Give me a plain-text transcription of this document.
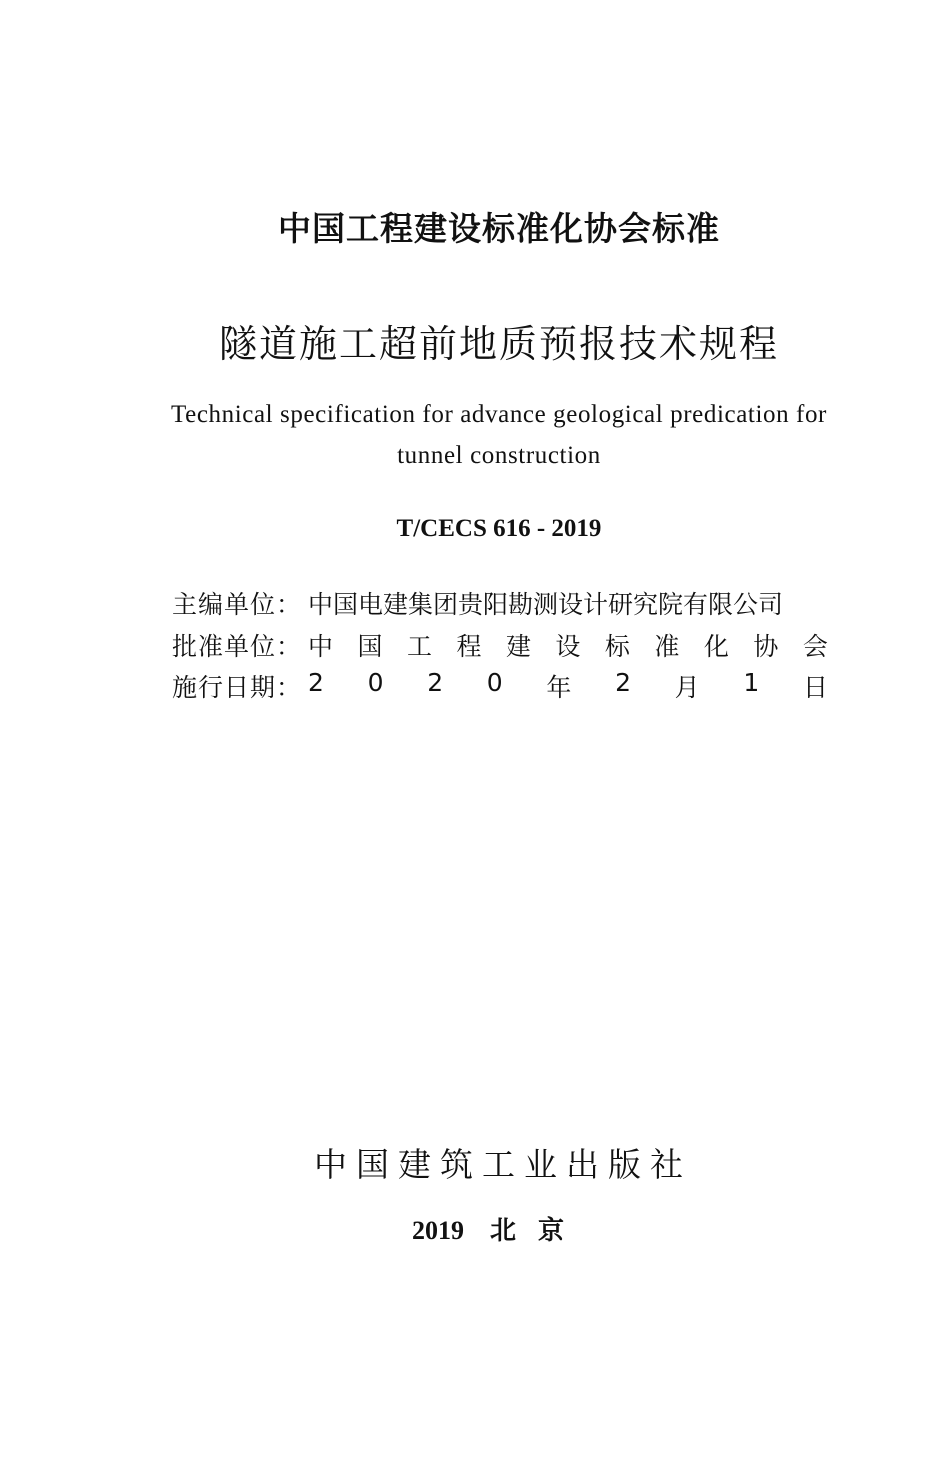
中国工程建设标准化协会标准
隧道施工超前地质预报技术规程
Technical specification for advance geological predication for
tunnel construction
T/CECS 616 - 2019
主编单位： 中国电建集团贵阳勘测设计研究院有限公司
批准单位： 中 国 工 程 建 设 标 准 化 协 会
施行日期： 2 0 2 0 年 2 月 1 日
中国建筑工业出版社
2019 北京
